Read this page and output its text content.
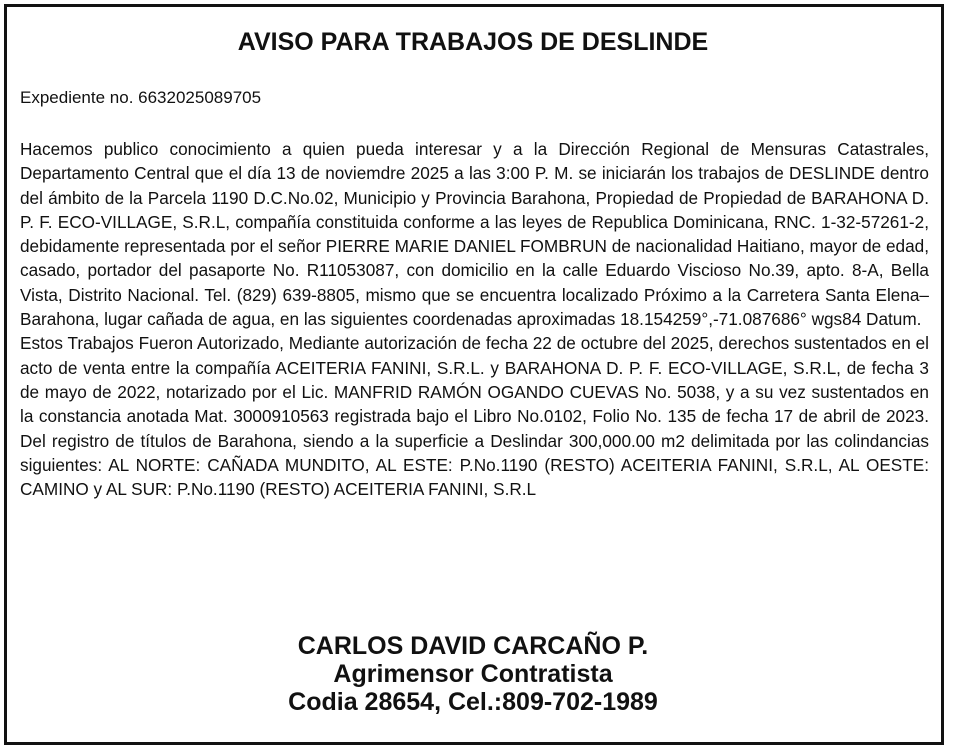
AVISO PARA TRABAJOS DE DESLINDE
Expediente no. 6632025089705

Hacemos publico conocimiento a quien pueda interesar y a la Dirección Regional de Mensuras Catastrales, Departamento Central que el día 13 de noviemdre 2025 a las 3:00 P. M. se iniciarán los trabajos de DESLINDE dentro del ámbito de la Parcela 1190 D.C.No.02, Municipio y Provincia Barahona, Propiedad de Propiedad de BARAHONA D. P. F. ECO-VILLAGE, S.R.L, compañía constituida conforme a las leyes de Republica Dominicana, RNC. 1-32-57261-2, debidamente representada por el señor PIERRE MARIE DANIEL FOMBRUN de nacionalidad Haitiano, mayor de edad, casado, portador del pasaporte No. R11053087, con domicilio en la calle Eduardo Viscioso No.39, apto. 8-A, Bella Vista, Distrito Nacional. Tel. (829) 639-8805, mismo que se encuentra localizado Próximo a la Carretera Santa Elena– Barahona, lugar cañada de agua, en las siguientes coordenadas aproximadas 18.154259°,-71.087686° wgs84 Datum.

Estos Trabajos Fueron Autorizado, Mediante autorización de fecha 22 de octubre del 2025, derechos sustentados en el acto de venta entre la compañía ACEITERIA FANINI, S.R.L. y BARAHONA D. P. F. ECO-VILLAGE, S.R.L, de fecha 3 de mayo de 2022, notarizado por el Lic. MANFRID RAMÓN OGANDO CUEVAS No. 5038, y a su vez sustentados en la constancia anotada Mat. 3000910563 registrada bajo el Libro No.0102, Folio No. 135 de fecha 17 de abril de 2023. Del registro de títulos de Barahona, siendo a la superficie a Deslindar 300,000.00 m2 delimitada por las colindancias siguientes: AL NORTE: CAÑADA MUNDITO, AL ESTE: P.No.1190 (RESTO) ACEITERIA FANINI, S.R.L, AL OESTE: CAMINO y AL SUR: P.No.1190 (RESTO) ACEITERIA FANINI, S.R.L

CARLOS DAVID CARCAÑO P.
Agrimensor Contratista
Codia 28654, Cel.:809-702-1989
